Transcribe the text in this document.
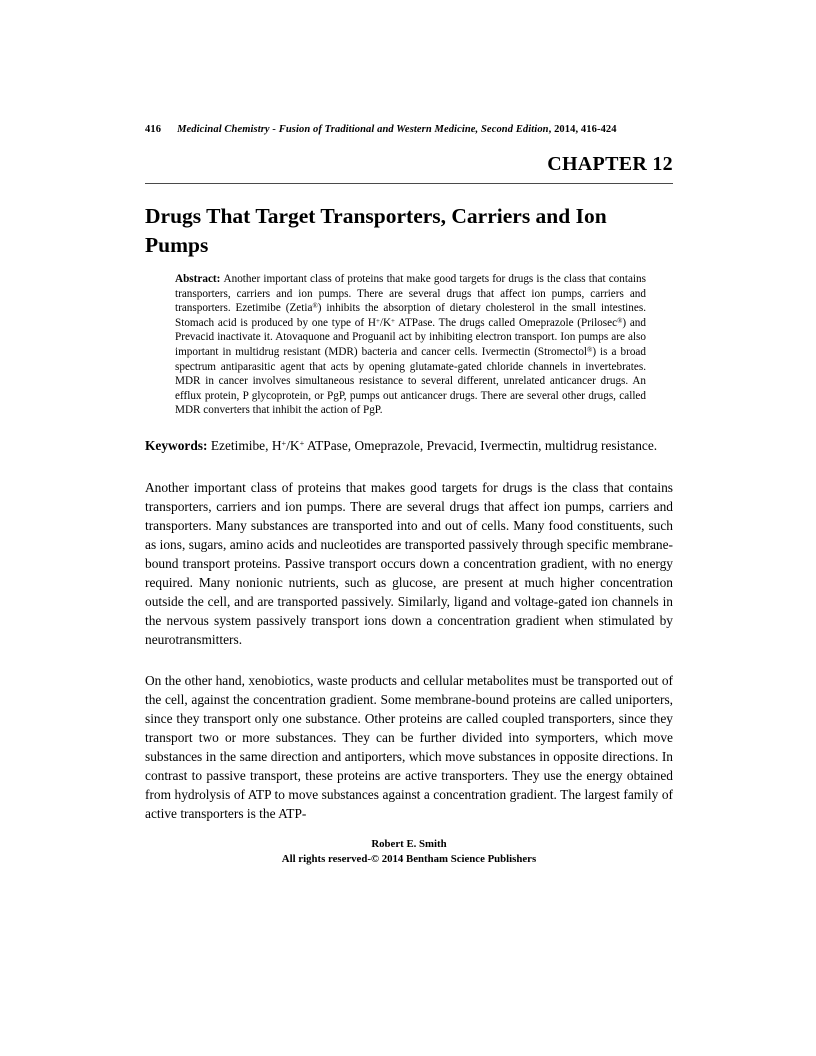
416 Medicinal Chemistry - Fusion of Traditional and Western Medicine, Second Edition, 2014, 416-424
CHAPTER 12
Drugs That Target Transporters, Carriers and Ion Pumps

Abstract: Another important class of proteins that make good targets for drugs is the class that contains transporters, carriers and ion pumps. There are several drugs that affect ion pumps, carriers and transporters. Ezetimibe (Zetia®) inhibits the absorption of dietary cholesterol in the small intestines. Stomach acid is produced by one type of H+/K+ ATPase. The drugs called Omeprazole (Prilosec®) and Prevacid inactivate it. Atovaquone and Proguanil act by inhibiting electron transport. Ion pumps are also important in multidrug resistant (MDR) bacteria and cancer cells. Ivermectin (Stromectol®) is a broad spectrum antiparasitic agent that acts by opening glutamate-gated chloride channels in invertebrates. MDR in cancer involves simultaneous resistance to several different, unrelated anticancer drugs. An efflux protein, P glycoprotein, or PgP, pumps out anticancer drugs. There are several other drugs, called MDR converters that inhibit the action of PgP.

Keywords: Ezetimibe, H+/K+ ATPase, Omeprazole, Prevacid, Ivermectin, multidrug resistance.

Another important class of proteins that makes good targets for drugs is the class that contains transporters, carriers and ion pumps. There are several drugs that affect ion pumps, carriers and transporters. Many substances are transported into and out of cells. Many food constituents, such as ions, sugars, amino acids and nucleotides are transported passively through specific membrane-bound transport proteins. Passive transport occurs down a concentration gradient, with no energy required. Many nonionic nutrients, such as glucose, are present at much higher concentration outside the cell, and are transported passively. Similarly, ligand and voltage-gated ion channels in the nervous system passively transport ions down a concentration gradient when stimulated by neurotransmitters.

On the other hand, xenobiotics, waste products and cellular metabolites must be transported out of the cell, against the concentration gradient. Some membrane-bound proteins are called uniporters, since they transport only one substance. Other proteins are called coupled transporters, since they transport two or more substances. They can be further divided into symporters, which move substances in the same direction and antiporters, which move substances in opposite directions. In contrast to passive transport, these proteins are active transporters. They use the energy obtained from hydrolysis of ATP to move substances against a concentration gradient. The largest family of active transporters is the ATP-

Robert E. Smith
All rights reserved-© 2014 Bentham Science Publishers
